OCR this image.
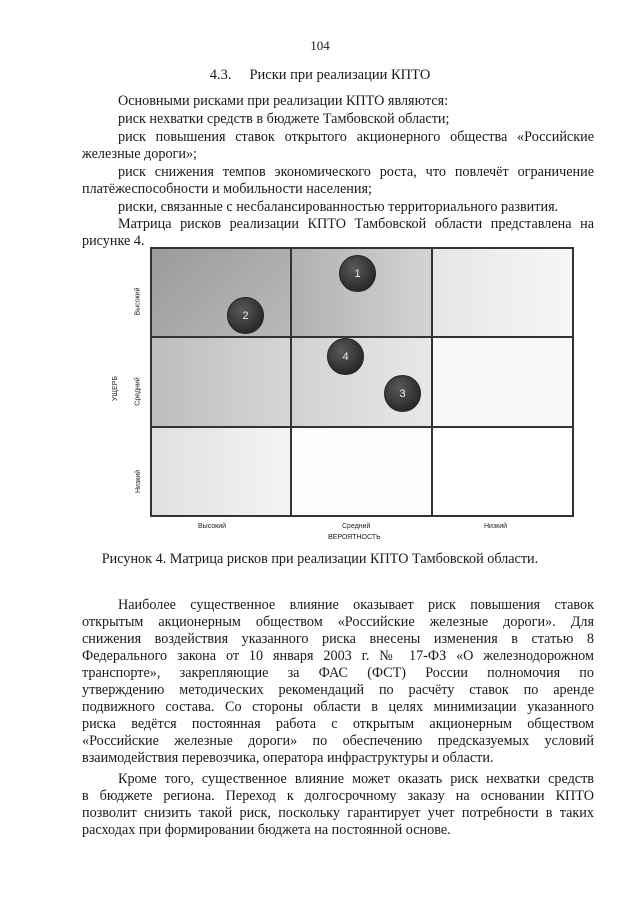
104
4.3. Риски при реализации КПТО
Основными рисками при реализации КПТО являются:
риск нехватки средств в бюджете Тамбовской области;
риск повышения ставок открытого акционерного общества «Российские
железные дороги»;
риск снижения темпов экономического роста, что повлечёт ограничение
платёжеспособности и мобильности населения;
риски, связанные с несбалансированностью территориального развития.
Матрица рисков реализации КПТО Тамбовской области представлена на
рисунке 4.
УЩЕРБ
Высокий
Средний
Низкий
1
2
3
4
Высокий	Средний	Низкий
ВЕРОЯТНОСТЬ
Рисунок 4. Матрица рисков при реализации КПТО Тамбовской области.
Наиболее существенное влияние оказывает риск повышения ставок
открытым акционерным обществом «Российские железные дороги». Для
снижения воздействия указанного риска внесены изменения в статью 8
Федерального закона от 10 января 2003 г. № 17-ФЗ «О железнодорожном
транспорте», закрепляющие за ФАС (ФСТ) России полномочия по
утверждению методических рекомендаций по расчёту ставок по аренде
подвижного состава. Со стороны области в целях минимизации указанного
риска ведётся постоянная работа с открытым акционерным обществом
«Российские железные дороги» по обеспечению предсказуемых условий
взаимодействия перевозчика, оператора инфраструктуры и области.
Кроме того, существенное влияние может оказать риск нехватки средств
в бюджете региона. Переход к долгосрочному заказу на основании КПТО
позволит снизить такой риск, поскольку гарантирует учет потребности в таких
расходах при формировании бюджета на постоянной основе.
